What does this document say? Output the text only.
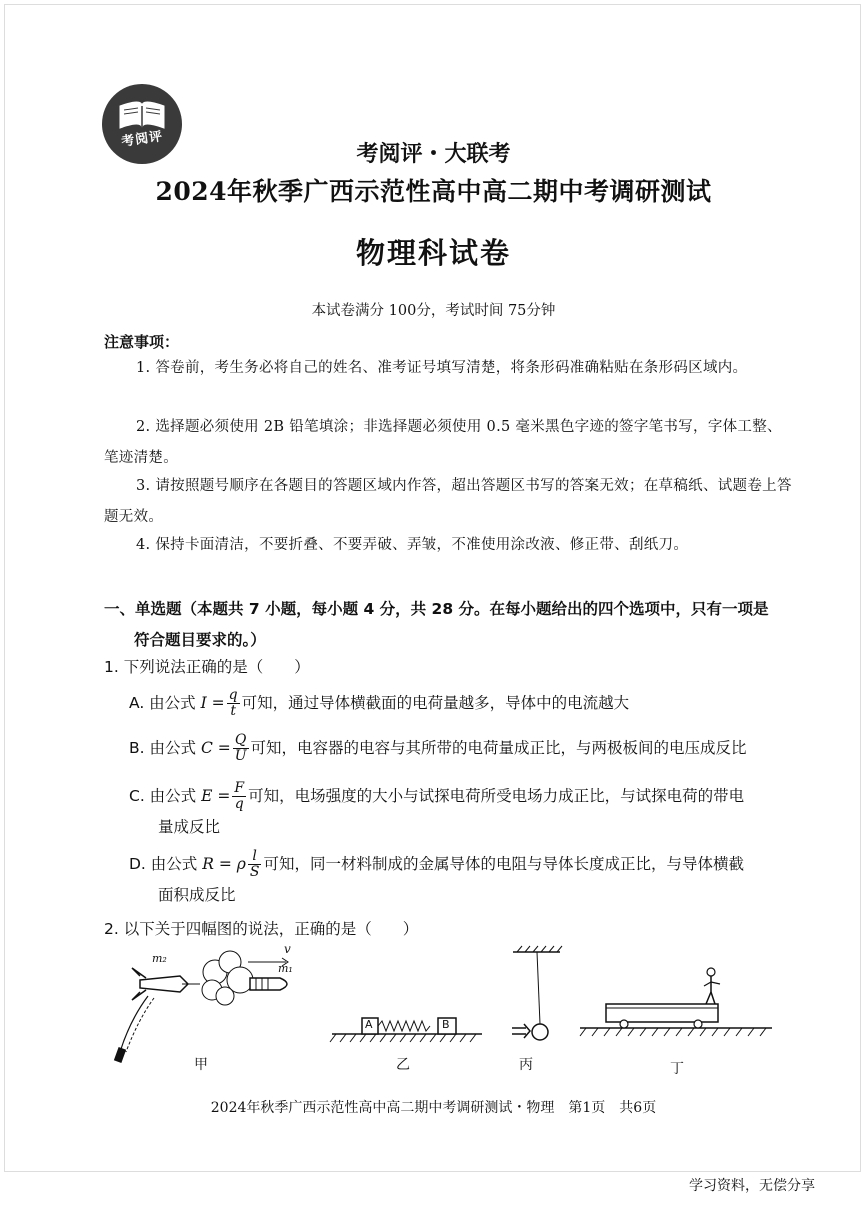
考阅评
考阅评・大联考
2024年秋季广西示范性高中高二期中考调研测试
物理科试卷
本试卷满分 100分，考试时间 75分钟
注意事项：
1. 答卷前，考生务必将自己的姓名、准考证号填写清楚，将条形码准确粘贴在条形码区域内。
2. 选择题必须使用 2B 铅笔填涂；非选择题必须使用 0.5 毫米黑色字迹的签字笔书写，字体工整、笔迹清楚。
3. 请按照题号顺序在各题目的答题区域内作答，超出答题区书写的答案无效；在草稿纸、试题卷上答题无效。
4. 保持卡面清洁，不要折叠、不要弄破、弄皱，不准使用涂改液、修正带、刮纸刀。
一、单选题（本题共 7 小题，每小题 4 分，共 28 分。在每小题给出的四个选项中，只有一项是
符合题目要求的。）
1. 下列说法正确的是（　　）
A. 由公式 $I = \frac{q}{t}$ 可知，通过导体横截面的电荷量越多，导体中的电流越大
B. 由公式 $C = \frac{Q}{U}$ 可知，电容器的电容与其所带的电荷量成正比，与两极板间的电压成反比
C. 由公式 $E = \frac{F}{q}$ 可知，电场强度的大小与试探电荷所受电场力成正比，与试探电荷的带电
量成反比
D. 由公式 R = ρ $\frac{l}{S}$ 可知，同一材料制成的金属导体的电阻与导体长度成正比，与导体横截
面积成反比
2. 以下关于四幅图的说法，正确的是（　　）
m₂
m₁
v
A	B
甲	乙	丙	丁
2024年秋季广西示范性高中高二期中考调研测试・物理　第1页　共6页
学习资料，无偿分享
